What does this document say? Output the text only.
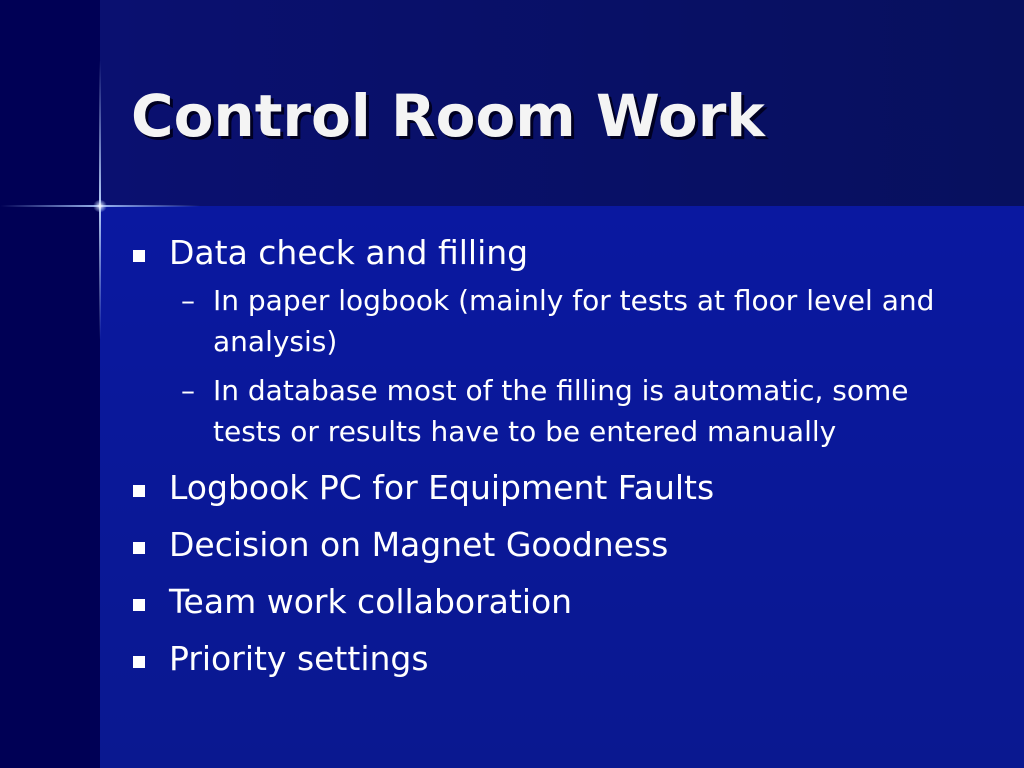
Control Room Work
Data check and filling
– In paper logbook (mainly for tests at floor level and analysis)
– In database most of the filling is automatic, some tests or results have to be entered manually
Logbook PC for Equipment Faults
Decision on Magnet Goodness
Team work collaboration
Priority settings
